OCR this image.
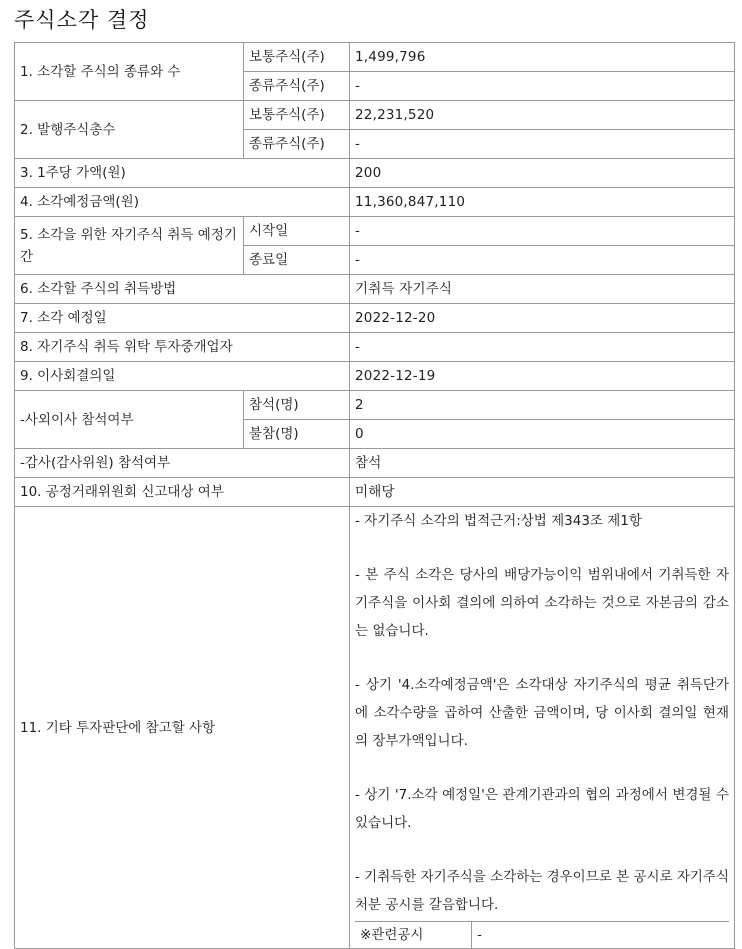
주식소각 결정
1. 소각할 주식의 종류와 수	보통주식(주)	1,499,796
종류주식(주)	-
2. 발행주식총수	보통주식(주)	22,231,520
종류주식(주)	-
3. 1주당 가액(원)	200
4. 소각예정금액(원)	11,360,847,110
5. 소각을 위한 자기주식 취득 예정기간	시작일	-
종료일	-
6. 소각할 주식의 취득방법	기취득 자기주식
7. 소각 예정일	2022-12-20
8. 자기주식 취득 위탁 투자중개업자	-
9. 이사회결의일	2022-12-19
-사외이사 참석여부	참석(명)	2
불참(명)	0
-감사(감사위원) 참석여부	참석
10. 공정거래위원회 신고대상 여부	미해당
11. 기타 투자판단에 참고할 사항	
- 자기주식 소각의 법적근거:상법 제343조 제1항
- 본 주식 소각은 당사의 배당가능이익 범위내에서 기취득한 자기주식을 이사회 결의에 의하여 소각하는 것으로 자본금의 감소는 없습니다.
- 상기 '4.소각예정금액'은 소각대상 자기주식의 평균 취득단가에 소각수량을 곱하여 산출한 금액이며, 당 이사회 결의일 현재의 장부가액입니다.
- 상기 '7.소각 예정일'은 관계기관과의 협의 과정에서 변경될 수 있습니다.
- 기취득한 자기주식을 소각하는 경우이므로 본 공시로 자기주식 처분 공시를 갈음합니다.
※관련공시	-
